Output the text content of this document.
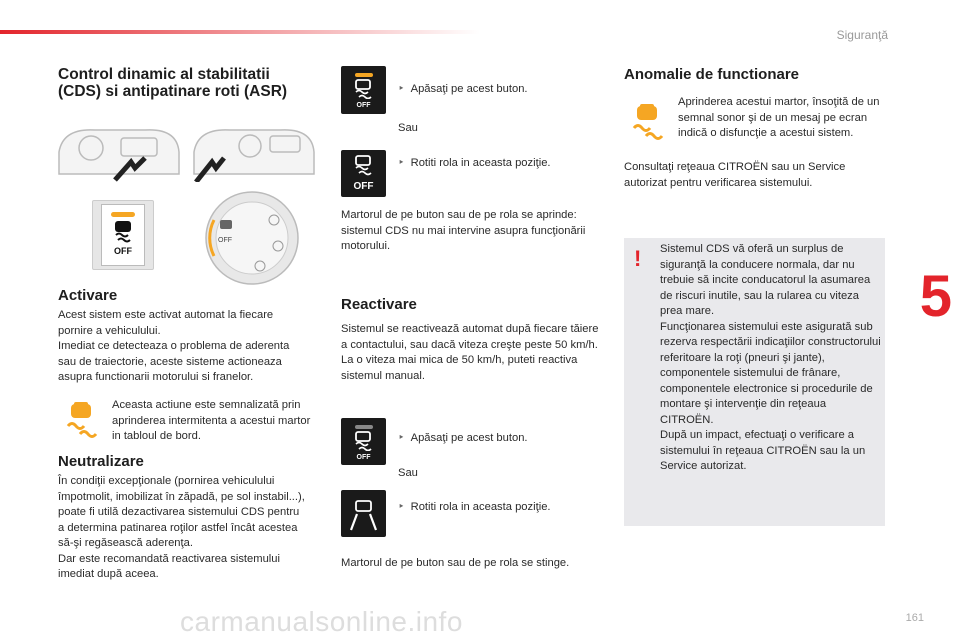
Siguranţă
5
Control dinamic al stabilitatii
(CDS) si antipatinare roti (ASR)
OFF
OFF
Activare

Acest sistem este activat automat la fiecare pornire a vehiculului.

Imediat ce detecteaza o problema de aderenta sau de traiectorie, aceste sisteme actioneaza asupra functionarii motorului si franelor.

Aceasta actiune este semnalizată prin aprinderea intermitenta a acestui martor in tabloul de bord.

Neutralizare

În condiţii excepţionale (pornirea vehiculului împotmolit, imobilizat în zăpadă, pe sol instabil...), poate fi utilă dezactivarea sistemului CDS pentru a determina patinarea roţilor astfel încât acestea să-şi regăsească aderenţa.

Dar este recomandată reactivarea sistemului imediat după aceea.

OFF

‣ Apăsaţi pe acest buton.

Sau

OFF

‣ Rotiti rola in aceasta poziţie.

Martorul de pe buton sau de pe rola se aprinde: sistemul CDS nu mai intervine asupra funcţionării motorului.

Reactivare

Sistemul se reactivează automat după fiecare tăiere a contactului, sau dacă viteza creşte peste 50 km/h.

La o viteza mai mica de 50 km/h, puteti reactiva sistemul manual.

OFF

‣ Apăsaţi pe acest buton.

Sau

‣ Rotiti rola in aceasta poziţie.

Martorul de pe buton sau de pe rola se stinge.

Anomalie de functionare

Aprinderea acestui martor, însoţită de un semnal sonor şi de un mesaj pe ecran indică o disfuncţie a acestui sistem.

Consultaţi reţeaua CITROËN sau un Service autorizat pentru verificarea sistemului.

! Sistemul CDS vă oferă un surplus de siguranţă la conducere normala, dar nu trebuie să incite conducatorul la asumarea de riscuri inutile, sau la rularea cu viteza prea mare.

Funcţionarea sistemului este asigurată sub rezerva respectării indicaţiilor constructorului referitoare la roţi (pneuri şi jante), componentele sistemului de frânare, componentele electronice si procedurile de montare şi intervenţie din reţeaua CITROËN.

După un impact, efectuaţi o verificare a sistemului în reţeaua CITROËN sau la un Service autorizat.

carmanualsonline.info	161
